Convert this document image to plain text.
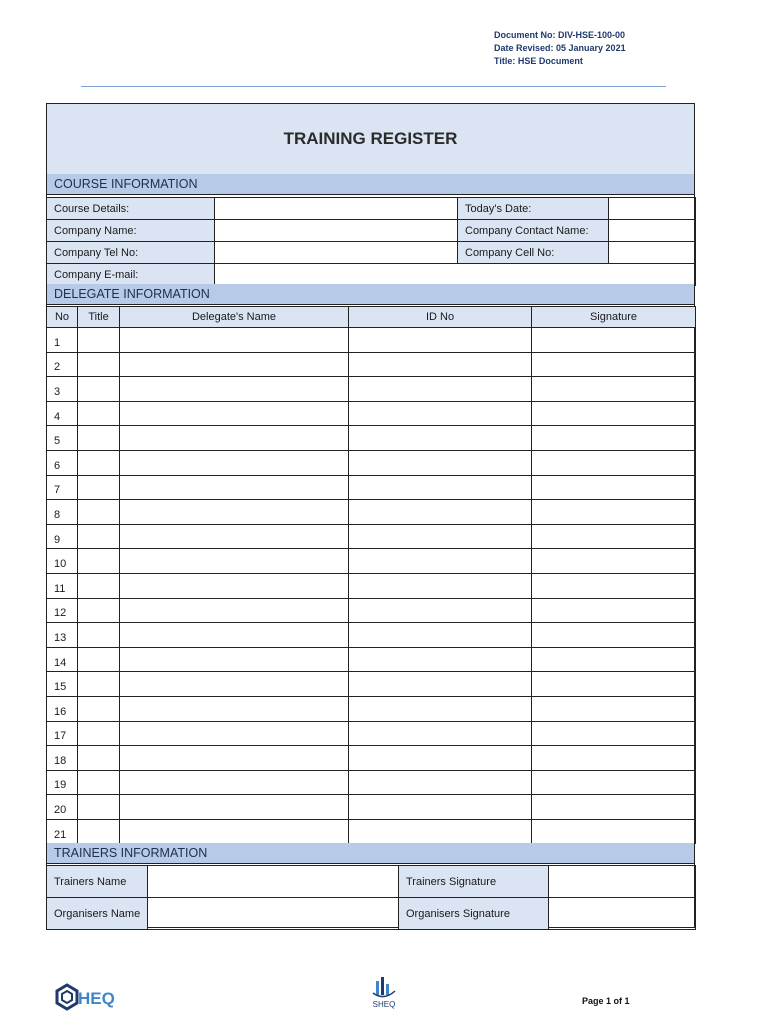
Document No: DIV-HSE-100-00
Date Revised: 05 January 2021
Title: HSE Document
TRAINING REGISTER
COURSE INFORMATION
Course Details:		Today's Date:	
Company Name:		Company Contact Name:	
Company Tel No:		Company Cell No:	
Company E-mail:			
DELEGATE INFORMATION
No	Title	Delegate's Name	ID No	Signature
1				
2				
3				
4				
5				
6				
7				
8				
9				
10				
11				
12				
13				
14				
15				
16				
17				
18				
19				
20				
21				
TRAINERS INFORMATION
Trainers Name		Trainers Signature	
Organisers Name		Organisers Signature	
HEQ	SHEQ	Page 1 of 1
